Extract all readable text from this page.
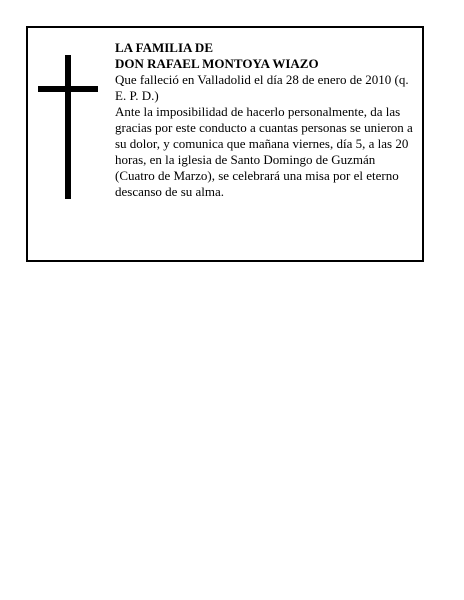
LA FAMILIA DE

DON RAFAEL MONTOYA WIAZO

Que falleció en Valladolid el día 28 de enero de 2010 (q. E. P. D.)

Ante la imposibilidad de hacerlo personalmente, da las gracias por este conducto a cuantas personas se unieron a su dolor, y comunica que mañana viernes, día 5, a las 20 horas, en la iglesia de Santo Domingo de Guzmán (Cuatro de Marzo), se celebrará una misa por el eterno descanso de su alma.
